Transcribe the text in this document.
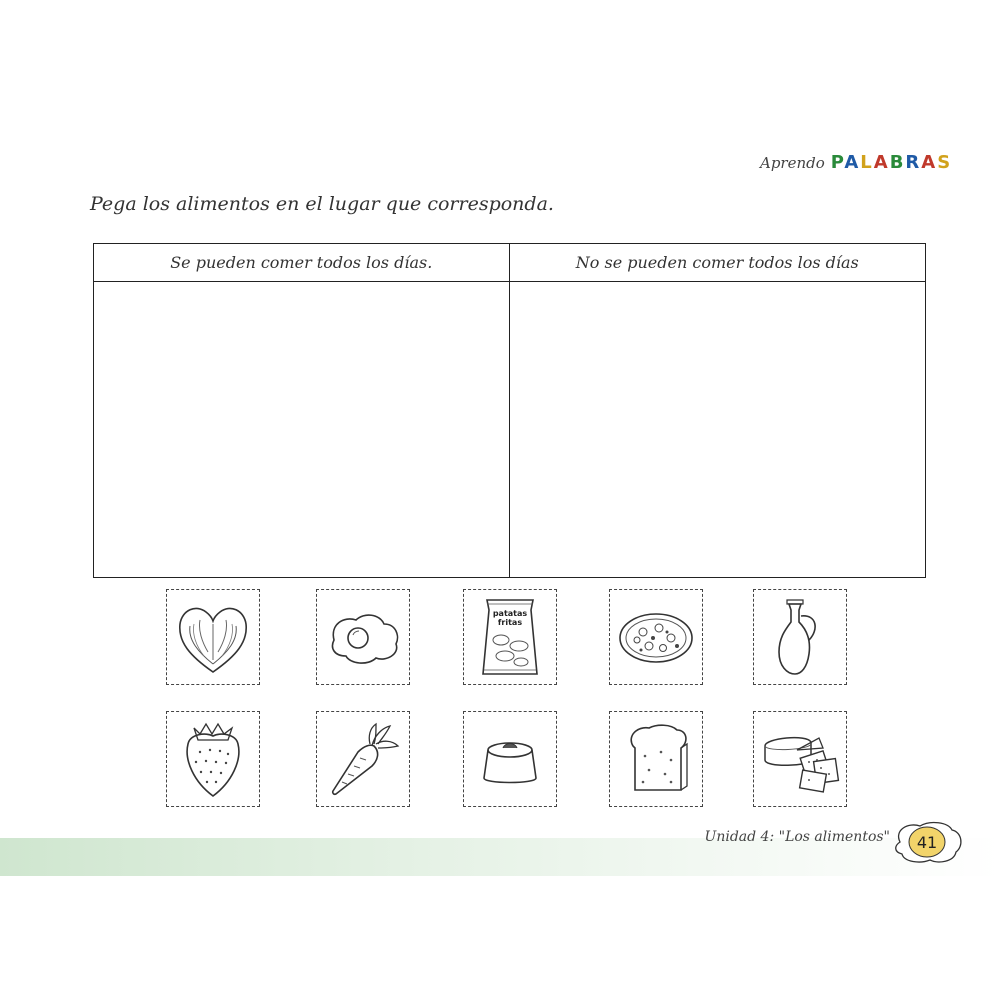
Aprendo PALABRAS
Pega los alimentos en el lugar que corresponda.
Se pueden comer todos los días.	No se pueden comer todos los días
patatas
fritas
Unidad 4: "Los alimentos"	41
